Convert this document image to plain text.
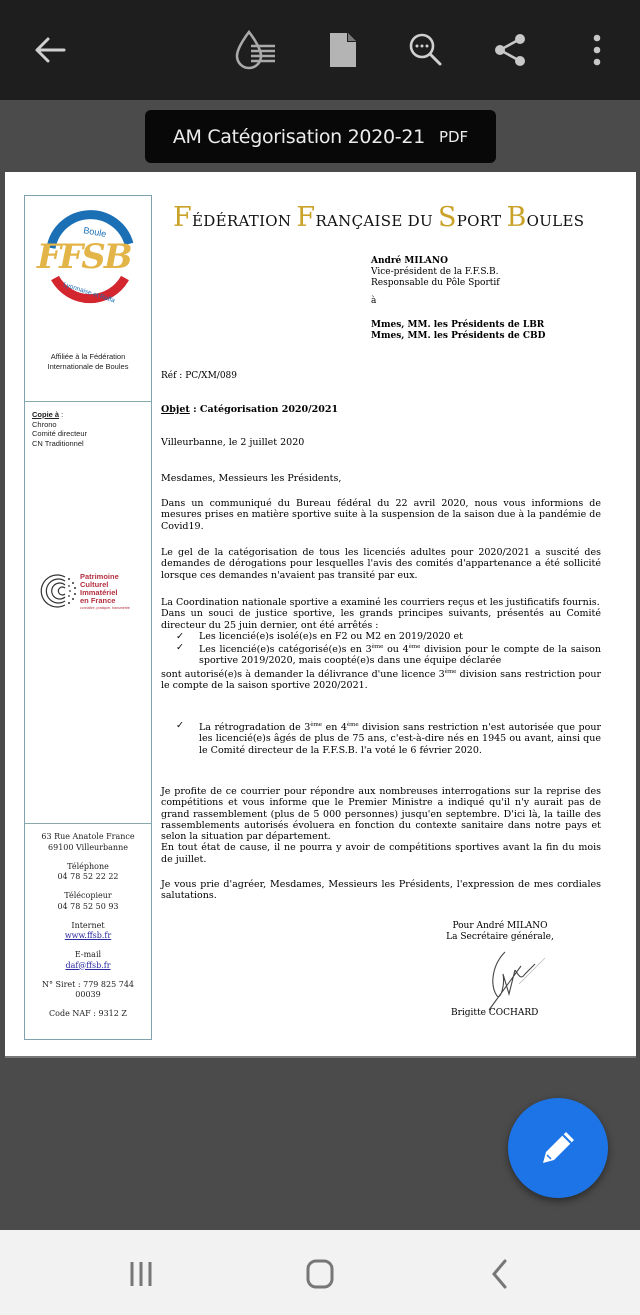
AM Catégorisation 2020-21 PDF
Boule
FFSB
Lyonnaise et Raffa
Affiliée à la Fédération Internationale de Boules
Copie à :
Chrono
Comité directeur
CN Traditionnel
Patrimoine
Culturel
Immatériel
en France
connaître, pratiquer, transmettre
63 Rue Anatole France
69100 Villeurbanne
Téléphone
04 78 52 22 22
Télécopieur
04 78 52 50 93
Internet
www.ffsb.fr
E-mail
daf@ffsb.fr
N° Siret : 779 825 744
00039
Code NAF : 9312 Z
FÉDÉRATION FRANÇAISE DU SPORT BOULES
André MILANO
Vice-président de la F.F.S.B.
Responsable du Pôle Sportif
à
Mmes, MM. les Présidents de LBR
Mmes, MM. les Présidents de CBD
Réf : PC/XM/089
Objet : Catégorisation 2020/2021
Villeurbanne, le 2 juillet 2020
Mesdames, Messieurs les Présidents,
Dans un communiqué du Bureau fédéral du 22 avril 2020, nous vous informions de mesures prises en matière sportive suite à la suspension de la saison due à la pandémie de Covid19.
Le gel de la catégorisation de tous les licenciés adultes pour 2020/2021 a suscité des demandes de dérogations pour lesquelles l'avis des comités d'appartenance a été sollicité lorsque ces demandes n'avaient pas transité par eux.
La Coordination nationale sportive a examiné les courriers reçus et les justificatifs fournis.
Dans un souci de justice sportive, les grands principes suivants, présentés au Comité directeur du 25 juin dernier, ont été arrêtés :
✓ Les licencié(e)s isolé(e)s en F2 ou M2 en 2019/2020 et
✓ Les licencié(e)s catégorisé(e)s en 3ème ou 4ème division pour le compte de la saison sportive 2019/2020, mais coopté(e)s dans une équipe déclarée
sont autorisé(e)s à demander la délivrance d'une licence 3ème division sans restriction pour le compte de la saison sportive 2020/2021.
✓ La rétrogradation de 3ème en 4ème division sans restriction n'est autorisée que pour les licencié(e)s âgés de plus de 75 ans, c'est-à-dire nés en 1945 ou avant, ainsi que le Comité directeur de la F.F.S.B. l'a voté le 6 février 2020.
Je profite de ce courrier pour répondre aux nombreuses interrogations sur la reprise des compétitions et vous informe que le Premier Ministre a indiqué qu'il n'y aurait pas de grand rassemblement (plus de 5 000 personnes) jusqu'en septembre. D'ici là, la taille des rassemblements autorisés évoluera en fonction du contexte sanitaire dans notre pays et selon la situation par département.
En tout état de cause, il ne pourra y avoir de compétitions sportives avant la fin du mois de juillet.
Je vous prie d'agréer, Mesdames, Messieurs les Présidents, l'expression de mes cordiales salutations.
Pour André MILANO
La Secrétaire générale,
Brigitte COCHARD
